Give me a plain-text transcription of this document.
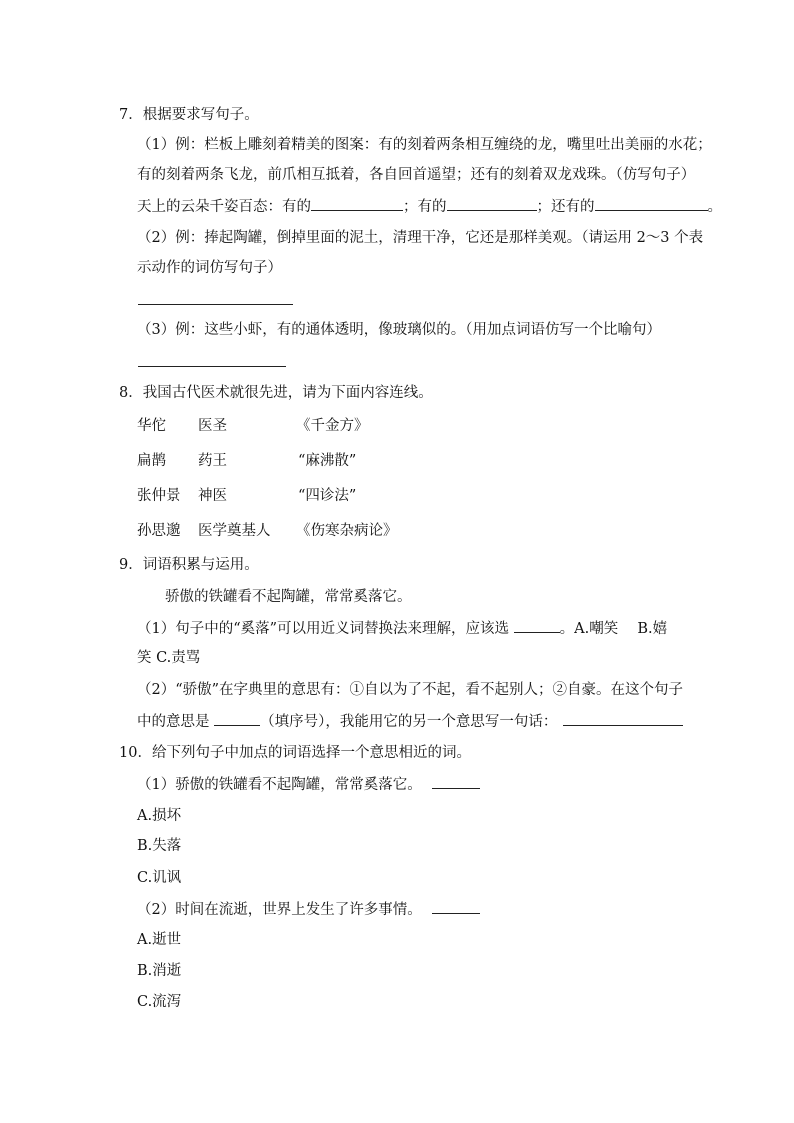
7．根据要求写句子。
（1）例：栏板上雕刻着精美的图案：有的刻着两条相互缠绕的龙，嘴里吐出美丽的水花；
有的刻着两条飞龙，前爪相互抵着，各自回首遥望；还有的刻着双龙戏珠。（仿写句子）
天上的云朵千姿百态：有的	；有的	；还有的	。
（2）例：捧起陶罐，倒掉里面的泥土，清理干净，它还是那样美观。（请运用 2～3 个表
示动作的词仿写句子）
（3）例：这些小虾，有的通体透明，像玻璃似的。（用加点词语仿写一个比喻句）
8．我国古代医术就很先进，请为下面内容连线。
华佗 医圣	《千金方》
扁鹊 药王	“麻沸散”
张仲景 神医	“四诊法”
孙思邈 医学奠基人 《伤寒杂病论》
9．词语积累与运用。
骄傲的铁罐看不起陶罐，常常奚落它。
（1）句子中的“奚落”可以用近义词替换法来理解，应该选	。A.嘲笑　 B.嬉
笑 C.责骂
（2）“骄傲”在字典里的意思有：①自以为了不起，看不起别人；②自豪。在这个句子
中的意思是	（填序号），我能用它的另一个意思写一句话：
10．给下列句子中加点的词语选择一个意思相近的词。
（1）骄傲的铁罐看不起陶罐，常常奚落它。
A.损坏
B.失落
C.讥讽
（2）时间在流逝，世界上发生了许多事情。
A.逝世
B.消逝
C.流泻
